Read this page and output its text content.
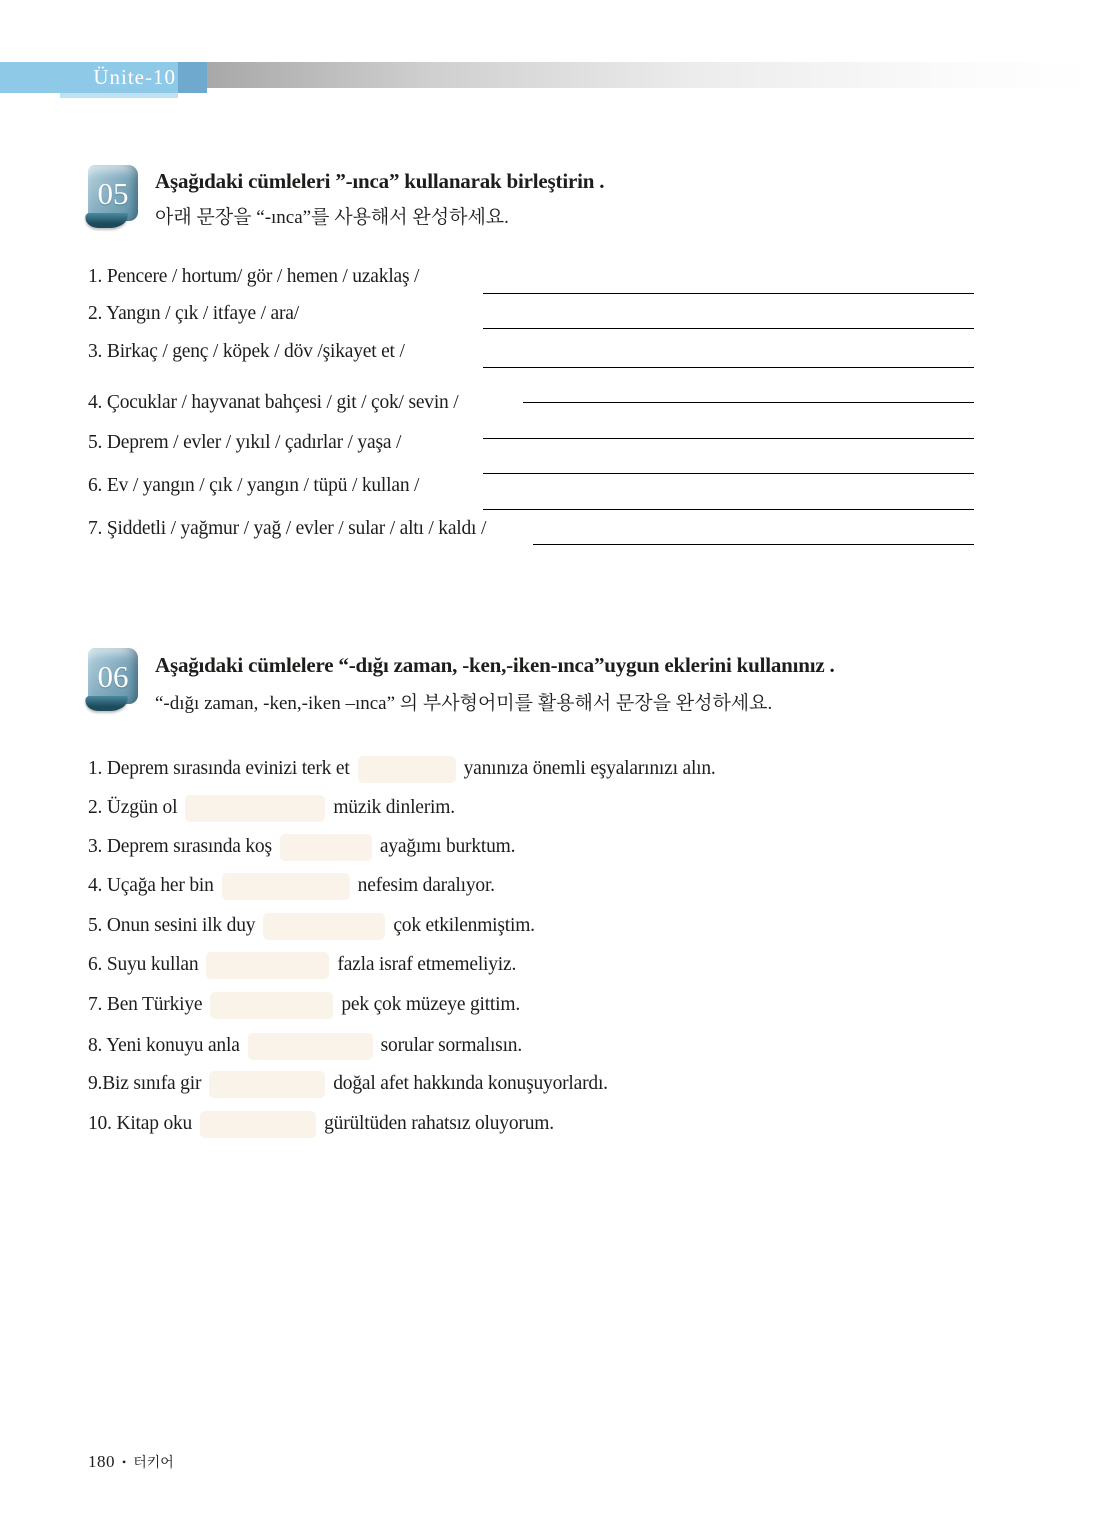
Ünite-10
05 Aşağıdaki cümleleri ”-ınca” kullanarak birleştirin .

아래 문장을 “-ınca”를 사용해서 완성하세요.

1. Pencere / hortum/ gör / hemen / uzaklaş /

2. Yangın / çık / itfaye / ara/

3. Birkaç / genç / köpek / döv /şikayet et /

4. Çocuklar / hayvanat bahçesi / git / çok/ sevin /

5. Deprem / evler / yıkıl / çadırlar / yaşa /

6. Ev / yangın / çık / yangın / tüpü / kullan /

7. Şiddetli / yağmur / yağ / evler / sular / altı / kaldı /

06 Aşağıdaki cümlelere “-dığı zaman, -ken,-iken-ınca”uygun eklerini kullanınız .

“-dığı zaman, -ken,-iken –ınca” 의 부사형어미를 활용해서 문장을 완성하세요.

1. Deprem sırasında evinizi terk et	yanınıza önemli eşyalarınızı alın.
2. Üzgün ol	müzik dinlerim.
3. Deprem sırasında koş	ayağımı burktum.
4. Uçağa her bin	nefesim daralıyor.
5. Onun sesini ilk duy	çok etkilenmiştim.
6. Suyu kullan	fazla israf etmemeliyiz.
7. Ben Türkiye	pek çok müzeye gittim.
8. Yeni konuyu anla	sorular sormalısın.
9.Biz sınıfa gir	doğal afet hakkında konuşuyorlardı.
10. Kitap oku	gürültüden rahatsız oluyorum.
180 • 터키어
